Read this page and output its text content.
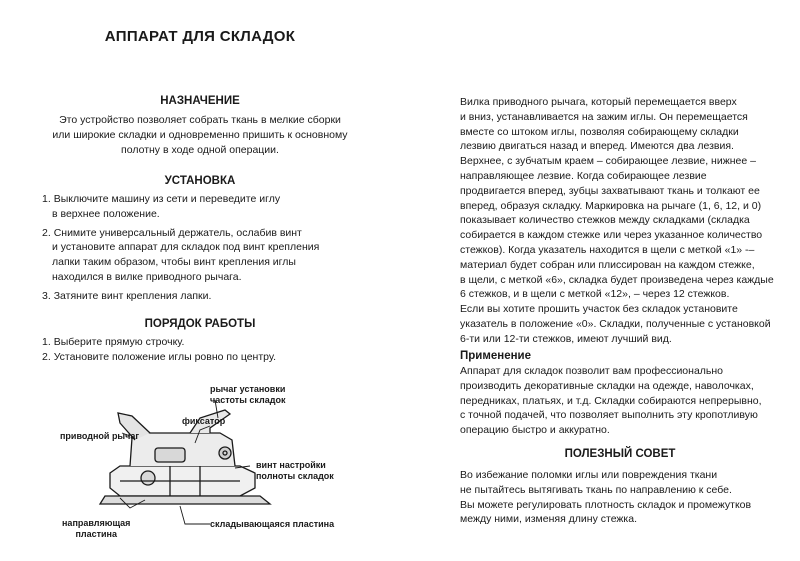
АППАРАТ ДЛЯ СКЛАДОК
НАЗНАЧЕНИЕ
Это устройство позволяет собрать ткань в мелкие сборки
или широкие складки и одновременно пришить к основному
полотну в ходе одной операции.
УСТАНОВКА
1. Выключите машину из сети и переведите иглу
в верхнее положение.
2. Снимите универсальный держатель, ослабив винт
и установите аппарат для складок под винт крепления
лапки таким образом, чтобы винт крепления иглы
находился в вилке приводного рычага.
3. Затяните винт крепления лапки.
ПОРЯДОК РАБОТЫ
1. Выберите прямую строчку.
2. Установите положение иглы ровно по центру.
рычаг установки
частоты складок
фиксатор
приводной рычаг
винт настройки
полноты складок
направляющая
пластина
складывающаяся пластина
Вилка приводного рычага, который перемещается вверх
и вниз, устанавливается на зажим иглы. Он перемещается
вместе со штоком иглы, позволяя собирающему складки
лезвию двигаться назад и вперед. Имеются два лезвия.
Верхнее, с зубчатым краем – собирающее лезвие, нижнее –
направляющее лезвие. Когда собирающее лезвие
продвигается вперед, зубцы захватывают ткань и толкают ее
вперед, образуя складку. Маркировка на рычаге (1, 6, 12, и 0)
показывает количество стежков между складками (складка
собирается в каждом стежке или через указанное количество
стежков). Когда указатель находится в щели с меткой «1» -–
материал будет собран или плиссирован на каждом стежке,
в щели, с меткой «6», складка будет произведена через каждые
6 стежков, и в щели с меткой «12», – через 12 стежков.
Если вы хотите прошить участок без складок установите
указатель в положение «0». Складки, полученные с установкой
6-ти или 12-ти стежков, имеют лучший вид.
Применение
Аппарат для складок позволит вам профессионально
производить декоративные складки на одежде, наволочках,
передниках, платьях, и т.д. Складки собираются непрерывно,
с точной подачей, что позволяет выполнить эту кропотливую
операцию быстро и аккуратно.
ПОЛЕЗНЫЙ СОВЕТ
Во избежание поломки иглы или повреждения ткани
не пытайтесь вытягивать ткань по направлению к себе.
Вы можете регулировать плотность складок и промежутков
между ними, изменяя длину стежка.
